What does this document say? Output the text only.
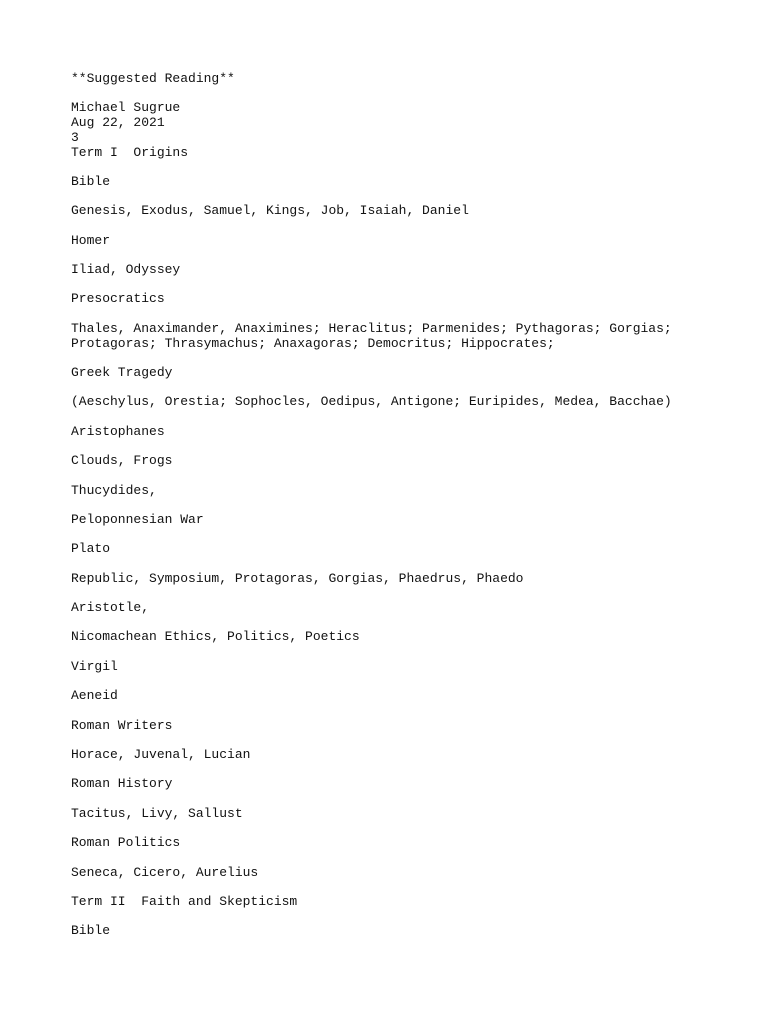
**Suggested Reading**
Michael Sugrue
Aug 22, 2021
3
Term I  Origins
Bible
Genesis, Exodus, Samuel, Kings, Job, Isaiah, Daniel
Homer
Iliad, Odyssey
Presocratics
Thales, Anaximander, Anaximines; Heraclitus; Parmenides; Pythagoras; Gorgias;
Protagoras; Thrasymachus; Anaxagoras; Democritus; Hippocrates;
Greek Tragedy
(Aeschylus, Orestia; Sophocles, Oedipus, Antigone; Euripides, Medea, Bacchae)
Aristophanes
Clouds, Frogs
Thucydides,
Peloponnesian War
Plato
Republic, Symposium, Protagoras, Gorgias, Phaedrus, Phaedo
Aristotle,
Nicomachean Ethics, Politics, Poetics
Virgil
Aeneid
Roman Writers
Horace, Juvenal, Lucian
Roman History
Tacitus, Livy, Sallust
Roman Politics
Seneca, Cicero, Aurelius
Term II  Faith and Skepticism
Bible
